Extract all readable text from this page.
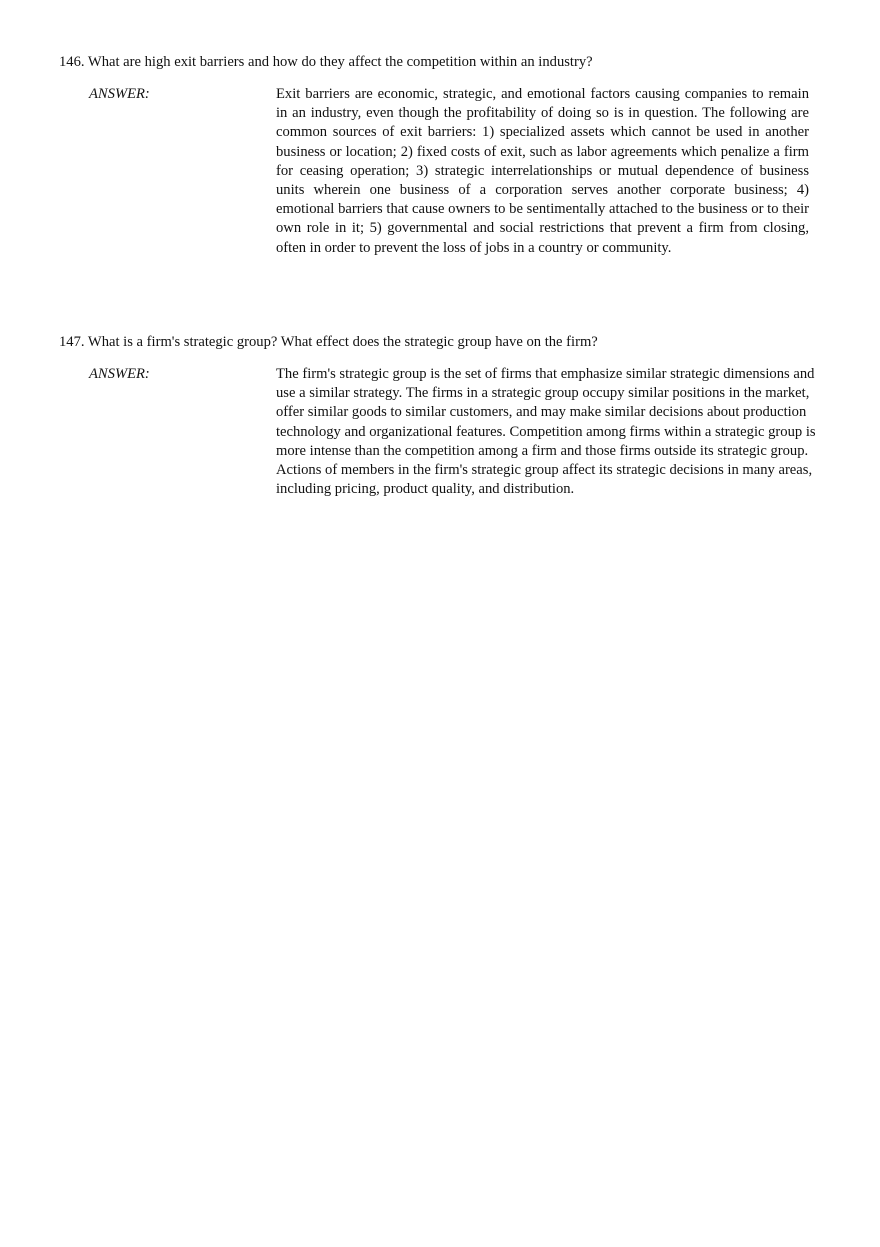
146. What are high exit barriers and how do they affect the competition within an industry?
ANSWER:	Exit barriers are economic, strategic, and emotional factors causing companies to remain in an industry, even though the profitability of doing so is in question. The following are common sources of exit barriers: 1) specialized assets which cannot be used in another business or location; 2) fixed costs of exit, such as labor agreements which penalize a firm for ceasing operation; 3) strategic interrelationships or mutual dependence of business units wherein one business of a corporation serves another corporate business; 4) emotional barriers that cause owners to be sentimentally attached to the business or to their own role in it; 5) governmental and social restrictions that prevent a firm from closing, often in order to prevent the loss of jobs in a country or community.
147. What is a firm's strategic group? What effect does the strategic group have on the firm?
ANSWER:	The firm's strategic group is the set of firms that emphasize similar strategic dimensions and use a similar strategy. The firms in a strategic group occupy similar positions in the market, offer similar goods to similar customers, and may make similar decisions about production technology and organizational features. Competition among firms within a strategic group is more intense than the competition among a firm and those firms outside its strategic group. Actions of members in the firm's strategic group affect its strategic decisions in many areas, including pricing, product quality, and distribution.
